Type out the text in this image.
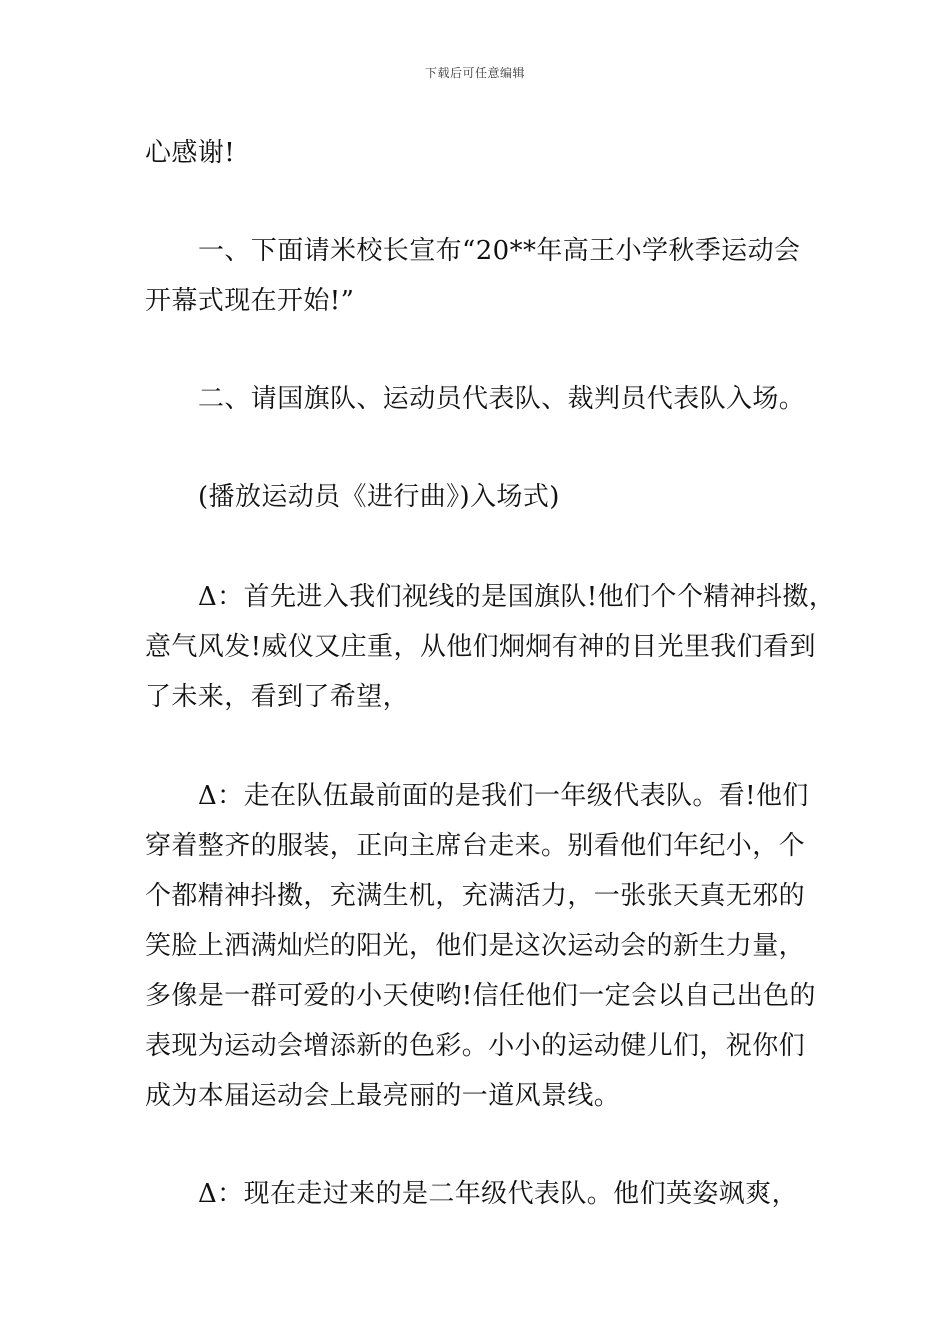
下载后可任意编辑
心感谢!
一、下面请米校长宣布“20**年高王小学秋季运动会
开幕式现在开始!”
二、请国旗队、运动员代表队、裁判员代表队入场。
(播放运动员《进行曲》)入场式)
Δ：首先进入我们视线的是国旗队!他们个个精神抖擞，
意气风发!威仪又庄重，从他们炯炯有神的目光里我们看到
了未来，看到了希望，
Δ：走在队伍最前面的是我们一年级代表队。看!他们
穿着整齐的服装，正向主席台走来。别看他们年纪小，个
个都精神抖擞，充满生机，充满活力，一张张天真无邪的
笑脸上洒满灿烂的阳光，他们是这次运动会的新生力量，
多像是一群可爱的小天使哟!信任他们一定会以自己出色的
表现为运动会增添新的色彩。小小的运动健儿们，祝你们
成为本届运动会上最亮丽的一道风景线。
Δ：现在走过来的是二年级代表队。他们英姿飒爽，
